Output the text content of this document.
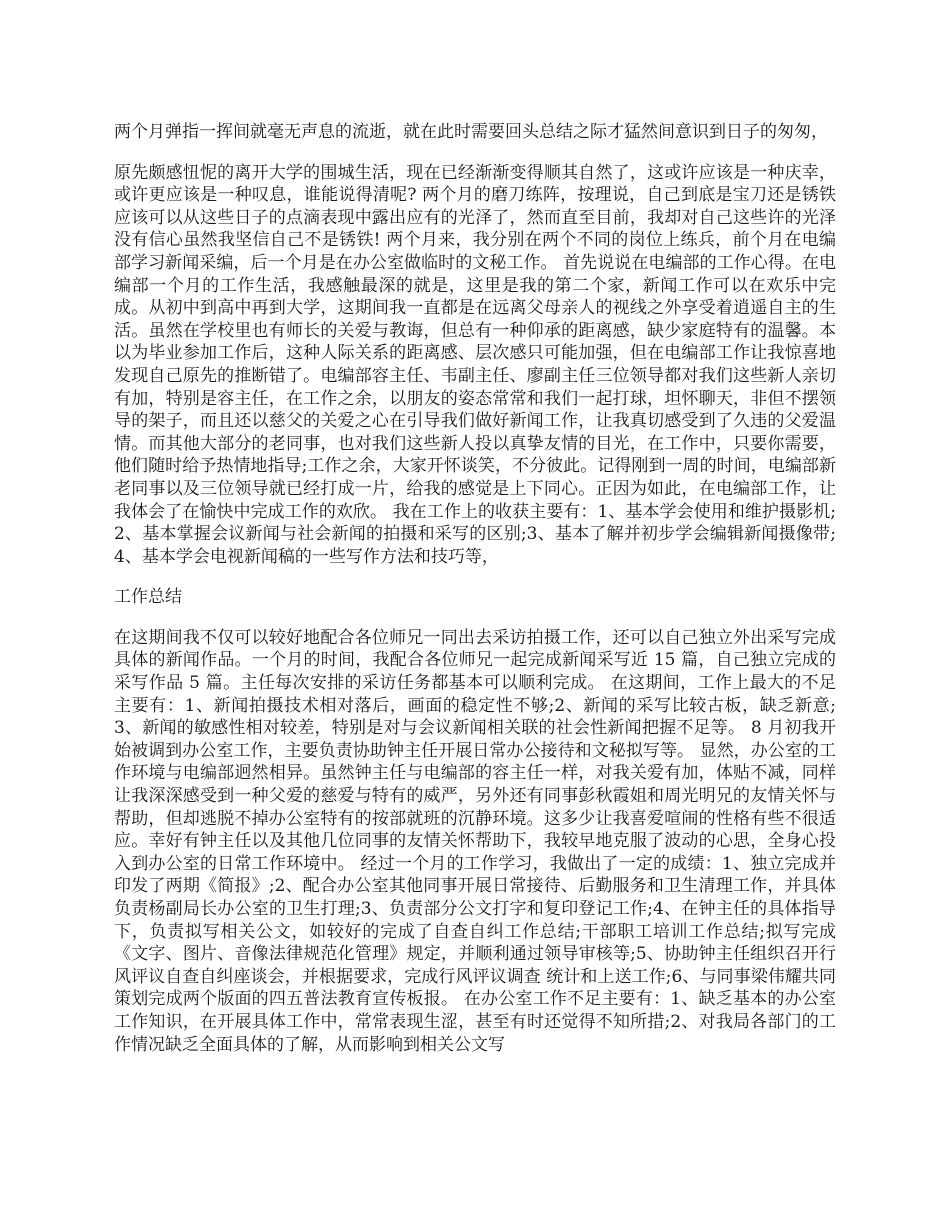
两个月弹指一挥间就毫无声息的流逝，就在此时需要回头总结之际才猛然间意识到日子的匆匆，

原先颇感忸怩的离开大学的围城生活，现在已经渐渐变得顺其自然了，这或许应该是一种庆幸，或许更应该是一种叹息，谁能说得清呢? 两个月的磨刀练阵，按理说，自己到底是宝刀还是锈铁应该可以从这些日子的点滴表现中露出应有的光泽了，然而直至目前，我却对自己这些许的光泽没有信心虽然我坚信自己不是锈铁! 两个月来，我分别在两个不同的岗位上练兵，前个月在电编部学习新闻采编，后一个月是在办公室做临时的文秘工作。 首先说说在电编部的工作心得。在电编部一个月的工作生活，我感触最深的就是，这里是我的第二个家，新闻工作可以在欢乐中完成。从初中到高中再到大学，这期间我一直都是在远离父母亲人的视线之外享受着逍遥自主的生活。虽然在学校里也有师长的关爱与教诲，但总有一种仰承的距离感，缺少家庭特有的温馨。本以为毕业参加工作后，这种人际关系的距离感、层次感只可能加强，但在电编部工作让我惊喜地发现自己原先的推断错了。电编部容主任、韦副主任、廖副主任三位领导都对我们这些新人亲切有加，特别是容主任，在工作之余，以朋友的姿态常常和我们一起打球，坦怀聊天，非但不摆领导的架子，而且还以慈父的关爱之心在引导我们做好新闻工作，让我真切感受到了久违的父爱温情。而其他大部分的老同事，也对我们这些新人投以真挚友情的目光，在工作中，只要你需要，他们随时给予热情地指导;工作之余，大家开怀谈笑，不分彼此。记得刚到一周的时间，电编部新老同事以及三位领导就已经打成一片，给我的感觉是上下同心。正因为如此，在电编部工作，让我体会了在愉快中完成工作的欢欣。 我在工作上的收获主要有：1、基本学会使用和维护摄影机;2、基本掌握会议新闻与社会新闻的拍摄和采写的区别;3、基本了解并初步学会编辑新闻摄像带;4、基本学会电视新闻稿的一些写作方法和技巧等，

工作总结

在这期间我不仅可以较好地配合各位师兄一同出去采访拍摄工作，还可以自己独立外出采写完成具体的新闻作品。一个月的时间，我配合各位师兄一起完成新闻采写近 15 篇，自己独立完成的采写作品 5 篇。主任每次安排的采访任务都基本可以顺利完成。 在这期间，工作上最大的不足主要有：1、新闻拍摄技术相对落后，画面的稳定性不够;2、新闻的采写比较古板，缺乏新意;3、新闻的敏感性相对较差，特别是对与会议新闻相关联的社会性新闻把握不足等。 8 月初我开始被调到办公室工作，主要负责协助钟主任开展日常办公接待和文秘拟写等。 显然，办公室的工作环境与电编部迥然相异。虽然钟主任与电编部的容主任一样，对我关爱有加，体贴不减，同样让我深深感受到一种父爱的慈爱与特有的威严，另外还有同事彭秋霞姐和周光明兄的友情关怀与帮助，但却逃脱不掉办公室特有的按部就班的沉静环境。这多少让我喜爱喧闹的性格有些不很适应。幸好有钟主任以及其他几位同事的友情关怀帮助下，我较早地克服了波动的心思，全身心投入到办公室的日常工作环境中。 经过一个月的工作学习，我做出了一定的成绩：1、独立完成并印发了两期《简报》;2、配合办公室其他同事开展日常接待、后勤服务和卫生清理工作，并具体负责杨副局长办公室的卫生打理;3、负责部分公文打字和复印登记工作;4、在钟主任的具体指导下，负责拟写相关公文，如较好的完成了自查自纠工作总结;干部职工培训工作总结;拟写完成《文字、图片、音像法律规范化管理》规定，并顺利通过领导审核等;5、协助钟主任组织召开行风评议自查自纠座谈会，并根据要求，完成行风评议调查 统计和上送工作;6、与同事梁伟耀共同策划完成两个版面的四五普法教育宣传板报。 在办公室工作不足主要有：1、缺乏基本的办公室工作知识，在开展具体工作中，常常表现生涩，甚至有时还觉得不知所措;2、对我局各部门的工作情况缺乏全面具体的了解，从而影响到相关公文写
